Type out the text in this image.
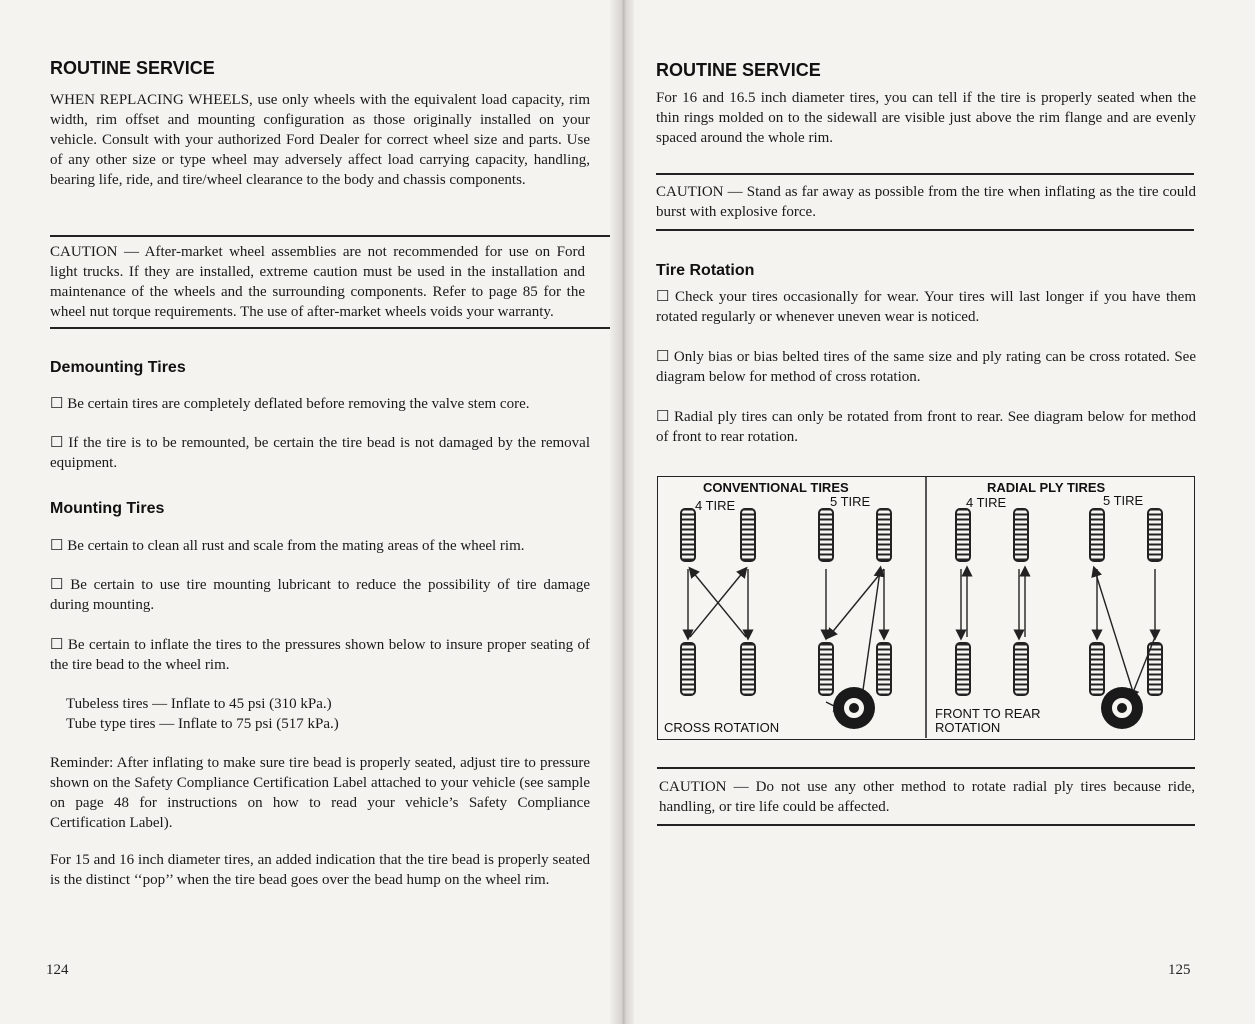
ROUTINE SERVICE
WHEN REPLACING WHEELS, use only wheels with the equivalent load capacity, rim width, rim offset and mounting configuration as those originally installed on your vehicle. Consult with your authorized Ford Dealer for correct wheel size and parts. Use of any other size or type wheel may adversely affect load carrying capacity, handling, bearing life, ride, and tire/wheel clearance to the body and chassis components.
CAUTION — After-market wheel assemblies are not recommended for use on Ford light trucks. If they are installed, extreme caution must be used in the installation and maintenance of the wheels and the surrounding components. Refer to page 85 for the wheel nut torque requirements. The use of after-market wheels voids your warranty.
Demounting Tires
☐ Be certain tires are completely deflated before removing the valve stem core.
☐ If the tire is to be remounted, be certain the tire bead is not damaged by the removal equipment.
Mounting Tires
☐ Be certain to clean all rust and scale from the mating areas of the wheel rim.
☐ Be certain to use tire mounting lubricant to reduce the possibility of tire damage during mounting.
☐ Be certain to inflate the tires to the pressures shown below to insure proper seating of the tire bead to the wheel rim.
Tubeless tires — Inflate to 45 psi (310 kPa.)
Tube type tires — Inflate to 75 psi (517 kPa.)
Reminder: After inflating to make sure tire bead is properly seated, adjust tire to pressure shown on the Safety Compliance Certification Label attached to your vehicle (see sample on page 48 for instructions on how to read your vehicle’s Safety Compliance Certification Label).
For 15 and 16 inch diameter tires, an added indication that the tire bead is properly seated is the distinct ‘‘pop’’ when the tire bead goes over the bead hump on the wheel rim.
124
ROUTINE SERVICE
For 16 and 16.5 inch diameter tires, you can tell if the tire is properly seated when the thin rings molded on to the sidewall are visible just above the rim flange and are evenly spaced around the whole rim.
CAUTION — Stand as far away as possible from the tire when inflating as the tire could burst with explosive force.
Tire Rotation
☐ Check your tires occasionally for wear. Your tires will last longer if you have them rotated regularly or whenever uneven wear is noticed.
☐ Only bias or bias belted tires of the same size and ply rating can be cross rotated. See diagram below for method of cross rotation.
☐ Radial ply tires can only be rotated from front to rear. See diagram below for method of front to rear rotation.
CONVENTIONAL TIRES
4 TIRE	5 TIRE
RADIAL PLY TIRES
4 TIRE	5 TIRE
CROSS ROTATION
FRONT TO REAR
ROTATION
CAUTION — Do not use any other method to rotate radial ply tires because ride, handling, or tire life could be affected.
125
